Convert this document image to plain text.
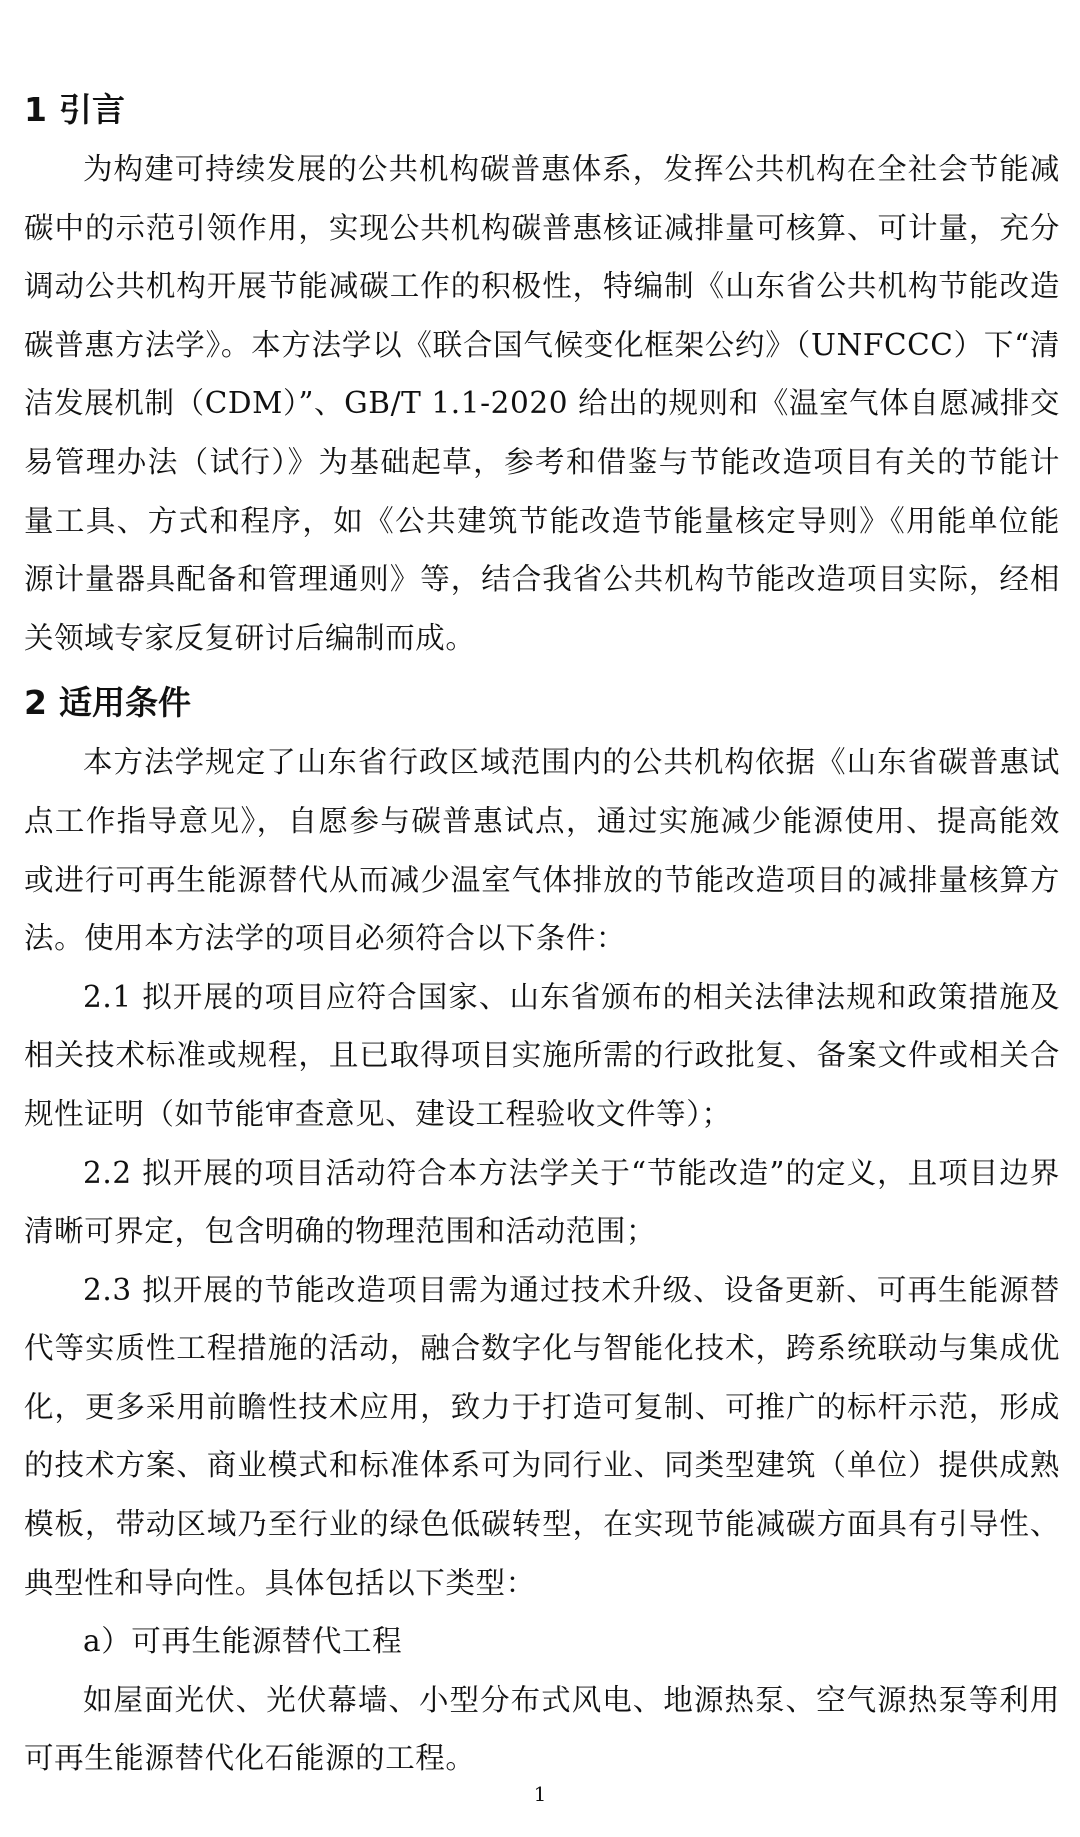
1 引言

为构建可持续发展的公共机构碳普惠体系，发挥公共机构在全社会节能减碳中的示范引领作用，实现公共机构碳普惠核证减排量可核算、可计量，充分调动公共机构开展节能减碳工作的积极性，特编制《山东省公共机构节能改造碳普惠方法学》。本方法学以《联合国气候变化框架公约》（UNFCCC）下“清洁发展机制（CDM）”、GB/T 1.1-2020 给出的规则和《温室气体自愿减排交易管理办法（试行）》为基础起草，参考和借鉴与节能改造项目有关的节能计量工具、方式和程序，如《公共建筑节能改造节能量核定导则》《用能单位能源计量器具配备和管理通则》等，结合我省公共机构节能改造项目实际，经相关领域专家反复研讨后编制而成。

2 适用条件

本方法学规定了山东省行政区域范围内的公共机构依据《山东省碳普惠试点工作指导意见》，自愿参与碳普惠试点，通过实施减少能源使用、提高能效或进行可再生能源替代从而减少温室气体排放的节能改造项目的减排量核算方法。使用本方法学的项目必须符合以下条件：

2.1 拟开展的项目应符合国家、山东省颁布的相关法律法规和政策措施及相关技术标准或规程，且已取得项目实施所需的行政批复、备案文件或相关合规性证明（如节能审查意见、建设工程验收文件等）；

2.2 拟开展的项目活动符合本方法学关于“节能改造”的定义，且项目边界清晰可界定，包含明确的物理范围和活动范围；

2.3 拟开展的节能改造项目需为通过技术升级、设备更新、可再生能源替代等实质性工程措施的活动，融合数字化与智能化技术，跨系统联动与集成优化，更多采用前瞻性技术应用，致力于打造可复制、可推广的标杆示范，形成的技术方案、商业模式和标准体系可为同行业、同类型建筑（单位）提供成熟模板，带动区域乃至行业的绿色低碳转型，在实现节能减碳方面具有引导性、典型性和导向性。具体包括以下类型：

a）可再生能源替代工程

如屋面光伏、光伏幕墙、小型分布式风电、地源热泵、空气源热泵等利用可再生能源替代化石能源的工程。

1
